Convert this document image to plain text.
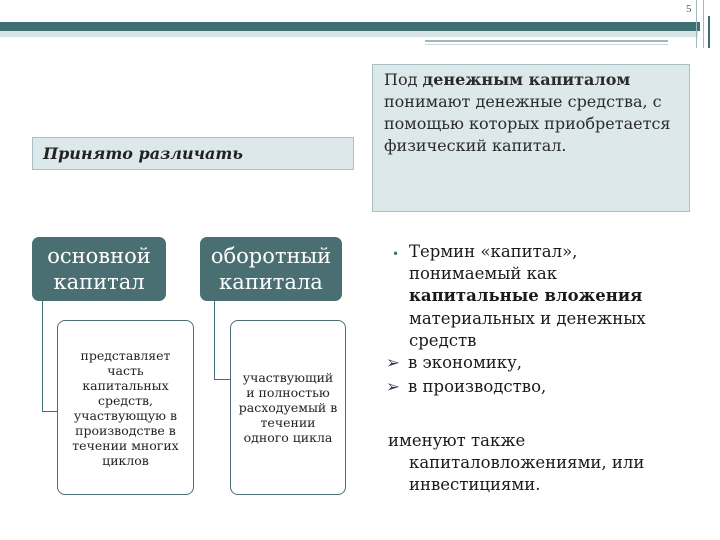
5
Под денежным капиталом понимают денежные средства, с помощью которых приобретается физический капитал.
Принято различать
основной капитал
оборотный капитала
представляет часть капитальных средств, участвующую в производстве в течении многих циклов
участвующий и полностью расходуемый в течении одного цикла
• Термин «капитал», понимаемый как
капитальные вложения
материальных и денежных средств
➢ в экономику,
➢ в производство,
именуют также
капиталовложениями, или инвестициями.
